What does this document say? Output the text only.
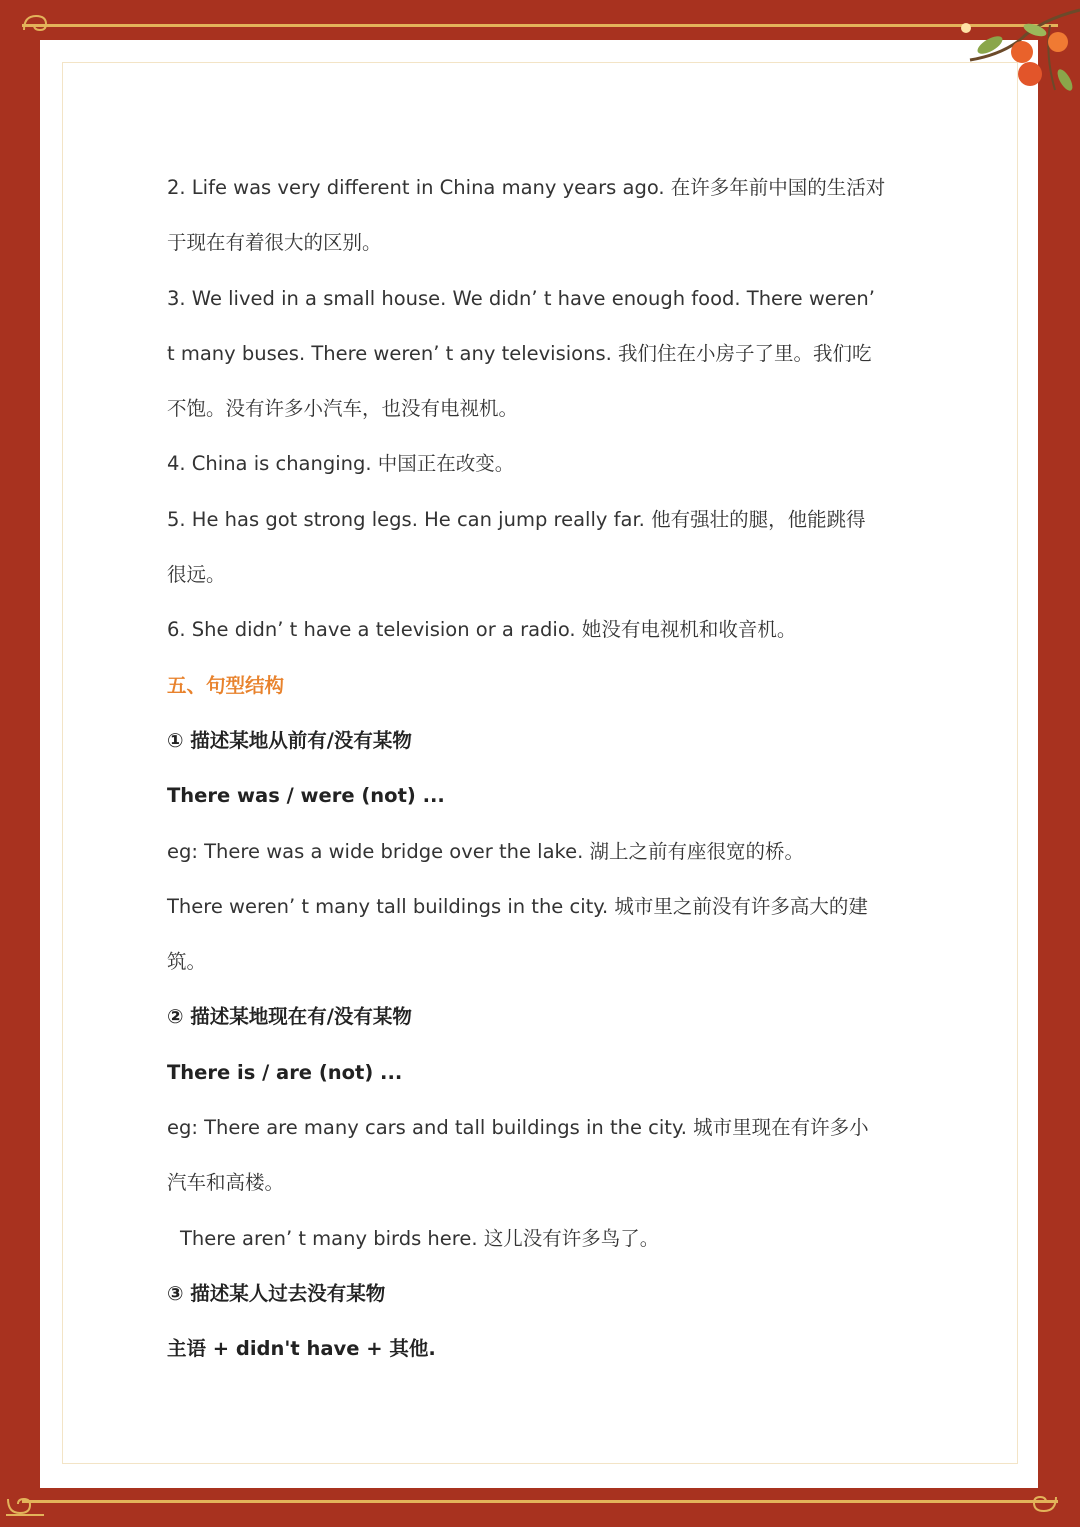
2. Life was very different in China many years ago. 在许多年前中国的生活对
于现在有着很大的区别。
3. We lived in a small house. We didn’ t have enough food. There weren’
t many buses. There weren’ t any televisions. 我们住在小房子了里。我们吃
不饱。没有许多小汽车，也没有电视机。
4. China is changing. 中国正在改变。
5. He has got strong legs. He can jump really far. 他有强壮的腿，他能跳得
很远。
6. She didn’ t have a television or a radio. 她没有电视机和收音机。
五、句型结构
① 描述某地从前有/没有某物
There was / were (not) ...
eg: There was a wide bridge over the lake. 湖上之前有座很宽的桥。
There weren’ t many tall buildings in the city. 城市里之前没有许多高大的建
筑。
② 描述某地现在有/没有某物
There is / are (not) ...
eg: There are many cars and tall buildings in the city. 城市里现在有许多小
汽车和高楼。
There aren’ t many birds here. 这儿没有许多鸟了。
③ 描述某人过去没有某物
主语 + didn't have + 其他.
